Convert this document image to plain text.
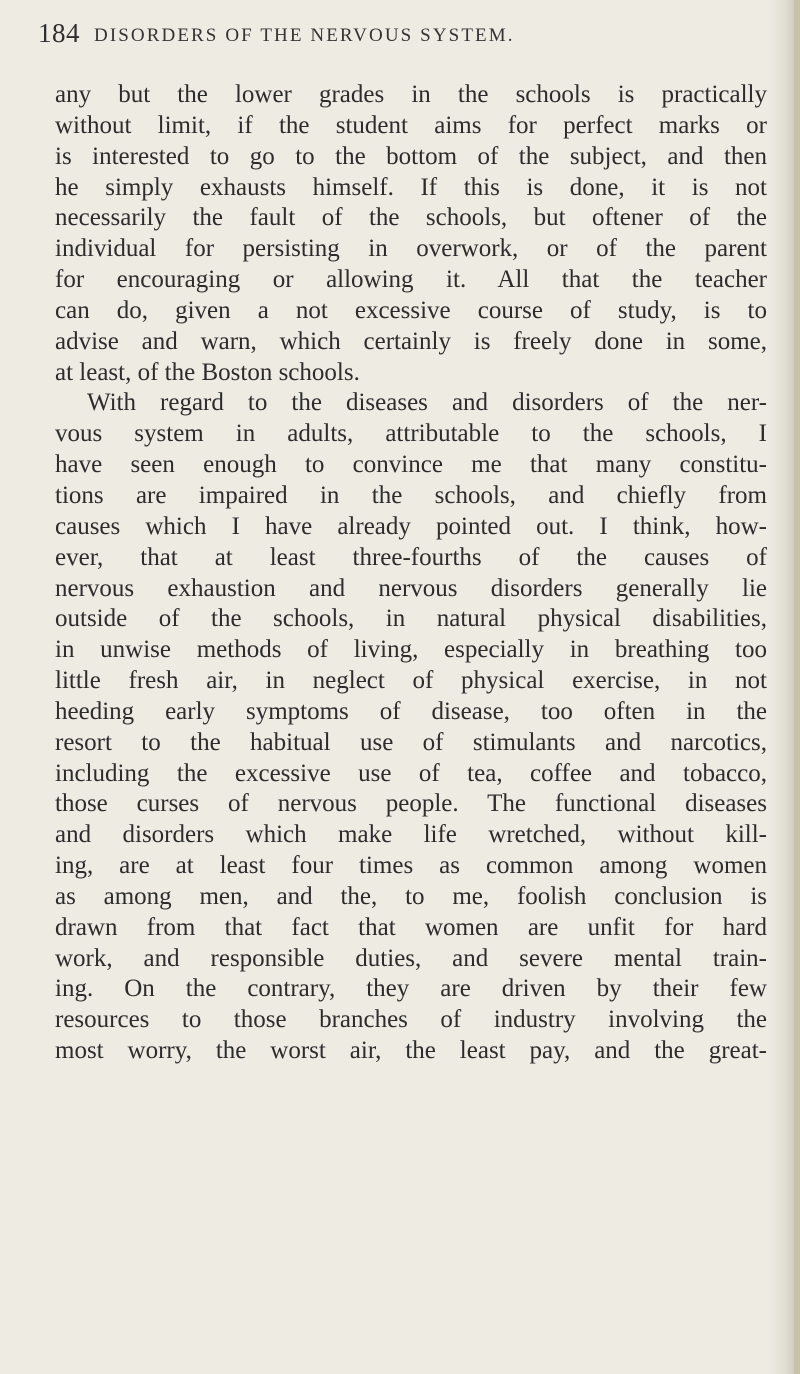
184 DISORDERS OF THE NERVOUS SYSTEM.

any but the lower grades in the schools is practically
without limit, if the student aims for perfect marks or
is interested to go to the bottom of the subject, and then
he simply exhausts himself. If this is done, it is not
necessarily the fault of the schools, but oftener of the
individual for persisting in overwork, or of the parent
for encouraging or allowing it. All that the teacher
can do, given a not excessive course of study, is to
advise and warn, which certainly is freely done in some,
at least, of the Boston schools.
With regard to the diseases and disorders of the ner-
vous system in adults, attributable to the schools, I
have seen enough to convince me that many constitu-
tions are impaired in the schools, and chiefly from
causes which I have already pointed out. I think, how-
ever, that at least three-fourths of the causes of
nervous exhaustion and nervous disorders generally lie
outside of the schools, in natural physical disabilities,
in unwise methods of living, especially in breathing too
little fresh air, in neglect of physical exercise, in not
heeding early symptoms of disease, too often in the
resort to the habitual use of stimulants and narcotics,
including the excessive use of tea, coffee and tobacco,
those curses of nervous people. The functional diseases
and disorders which make life wretched, without kill-
ing, are at least four times as common among women
as among men, and the, to me, foolish conclusion is
drawn from that fact that women are unfit for hard
work, and responsible duties, and severe mental train-
ing. On the contrary, they are driven by their few
resources to those branches of industry involving the
most worry, the worst air, the least pay, and the great-
